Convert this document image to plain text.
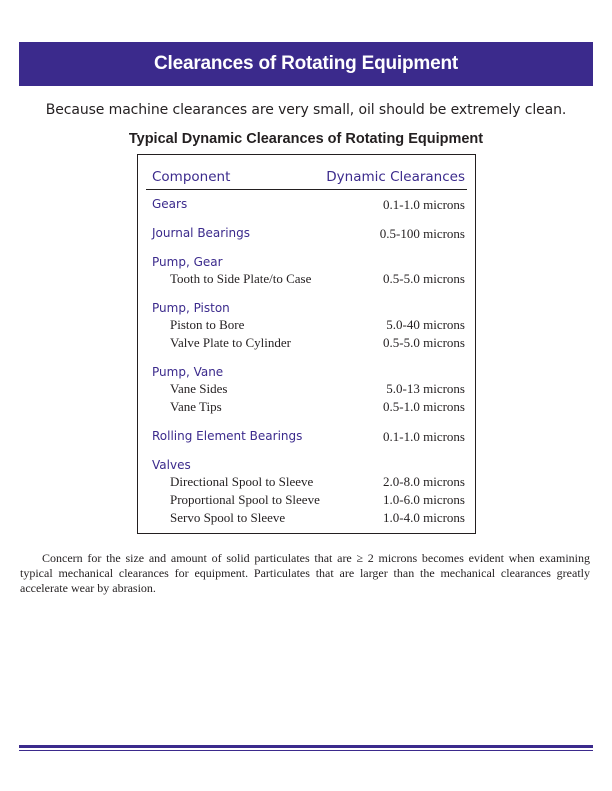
Clearances of Rotating Equipment
Because machine clearances are very small, oil should be extremely clean.
Typical Dynamic Clearances of Rotating Equipment
Component	Dynamic Clearances
Gears	0.1-1.0 microns
Journal Bearings	0.5-100 microns
Pump, Gear
Tooth to Side Plate/to Case	0.5-5.0 microns
Pump, Piston
Piston to Bore	5.0-40 microns
Valve Plate to Cylinder	0.5-5.0 microns
Pump, Vane
Vane Sides	5.0-13 microns
Vane Tips	0.5-1.0 microns
Rolling Element Bearings	0.1-1.0 microns
Valves
Directional Spool to Sleeve	2.0-8.0 microns
Proportional Spool to Sleeve	1.0-6.0 microns
Servo Spool to Sleeve	1.0-4.0 microns
Concern for the size and amount of solid particulates that are ≥ 2 microns becomes evident when examining typical mechanical clearances for equipment. Particulates that are larger than the mechanical clearances greatly accelerate wear by abrasion.
